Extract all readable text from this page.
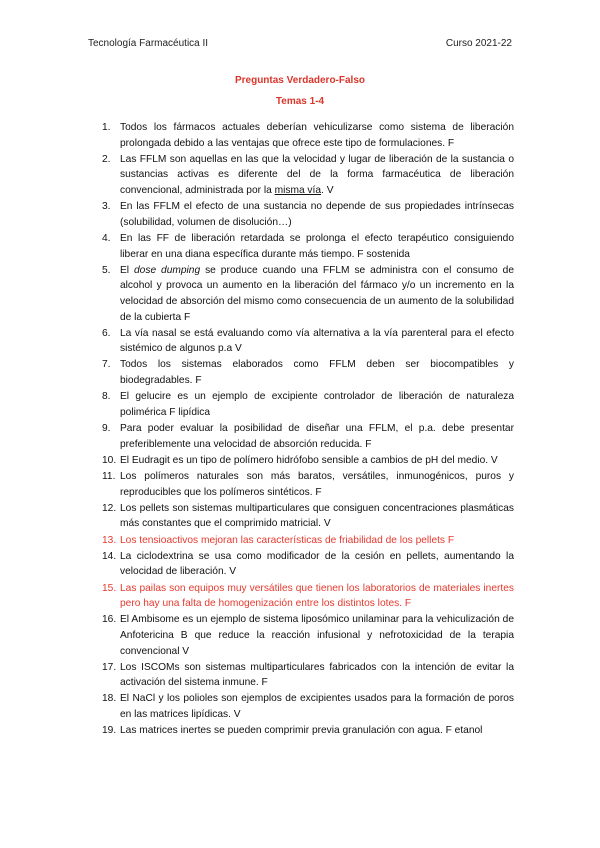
Tecnología Farmacéutica II	Curso 2021-22
Preguntas Verdadero-Falso
Temas 1-4
1. Todos los fármacos actuales deberían vehiculizarse como sistema de liberación prolongada debido a las ventajas que ofrece este tipo de formulaciones. F
2. Las FFLM son aquellas en las que la velocidad y lugar de liberación de la sustancia o sustancias activas es diferente del de la forma farmacéutica de liberación convencional, administrada por la misma vía. V
3. En las FFLM el efecto de una sustancia no depende de sus propiedades intrínsecas (solubilidad, volumen de disolución…)
4. En las FF de liberación retardada se prolonga el efecto terapéutico consiguiendo liberar en una diana específica durante más tiempo. F sostenida
5. El dose dumping se produce cuando una FFLM se administra con el consumo de alcohol y provoca un aumento en la liberación del fármaco y/o un incremento en la velocidad de absorción del mismo como consecuencia de un aumento de la solubilidad de la cubierta F
6. La vía nasal se está evaluando como vía alternativa a la vía parenteral para el efecto sistémico de algunos p.a V
7. Todos los sistemas elaborados como FFLM deben ser biocompatibles y biodegradables. F
8. El gelucire es un ejemplo de excipiente controlador de liberación de naturaleza polimérica F lipídica
9. Para poder evaluar la posibilidad de diseñar una FFLM, el p.a. debe presentar preferiblemente una velocidad de absorción reducida. F
10. El Eudragit es un tipo de polímero hidrófobo sensible a cambios de pH del medio. V
11. Los polímeros naturales son más baratos, versátiles, inmunogénicos, puros y reproducibles que los polímeros sintéticos. F
12. Los pellets son sistemas multiparticulares que consiguen concentraciones plasmáticas más constantes que el comprimido matricial. V
13. Los tensioactivos mejoran las características de friabilidad de los pellets F
14. La ciclodextrina se usa como modificador de la cesión en pellets, aumentando la velocidad de liberación. V
15. Las pailas son equipos muy versátiles que tienen los laboratorios de materiales inertes pero hay una falta de homogenización entre los distintos lotes. F
16. El Ambisome es un ejemplo de sistema liposómico unilaminar para la vehiculización de Anfotericina B que reduce la reacción infusional y nefrotoxicidad de la terapia convencional V
17. Los ISCOMs son sistemas multiparticulares fabricados con la intención de evitar la activación del sistema inmune. F
18. El NaCl y los polioles son ejemplos de excipientes usados para la formación de poros en las matrices lipídicas. V
19. Las matrices inertes se pueden comprimir previa granulación con agua. F etanol
